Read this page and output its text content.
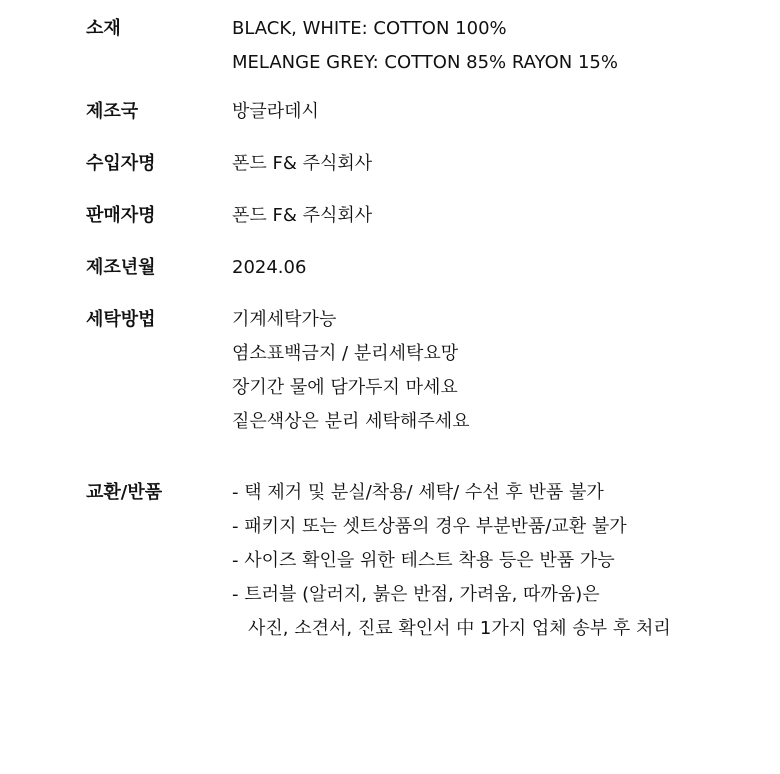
소재	BLACK, WHITE: COTTON 100%
MELANGE GREY: COTTON 85% RAYON 15%
제조국	방글라데시
수입자명	폰드 F& 주식회사
판매자명	폰드 F& 주식회사
제조년월	2024.06
세탁방법	기계세탁가능
염소표백금지 / 분리세탁요망
장기간 물에 담가두지 마세요
짙은색상은 분리 세탁해주세요
교환/반품	- 택 제거 및 분실/착용/ 세탁/ 수선 후 반품 불가
- 패키지 또는 셋트상품의 경우 부분반품/교환 불가
- 사이즈 확인을 위한 테스트 착용 등은 반품 가능
- 트러블 (알러지, 붉은 반점, 가려움, 따까움)은
사진, 소견서, 진료 확인서 中 1가지 업체 송부 후 처리
